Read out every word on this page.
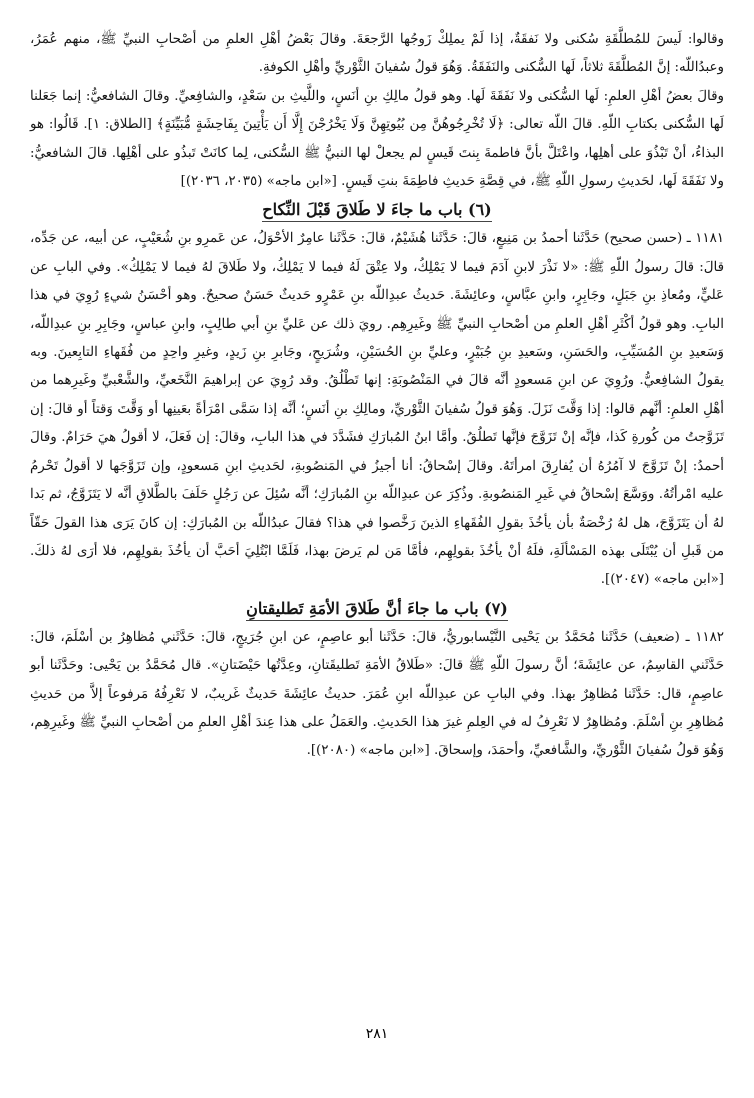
وقالوا: لَيسَ للمُطلَّقَةِ سُكنى ولا نَفقَةٌ، إذا لَمْ يملِكْ زَوجُها الرَّجعَةَ. وقالَ بَعْضُ أهْلِ العلمِ من أصْحابِ النبيِّ ﷺ، منهم عُمَرُ، وعبدُاللّه: إنَّ المُطلَّقَةَ ثلاثاً، لَها السُّكنى والنَفَقَةُ. وَهُوَ قولُ سُفيانَ الثَّوْريِّ وأهْلِ الكوفةِ.

وقالَ بعضُ أهْلِ العلمِ: لَها السُّكنى ولا نَفَقَةَ لَها. وهو قولُ مالِكِ بنِ أنَسٍ، واللَّيثِ بن سَعْدٍ، والشافِعيِّ. وقالَ الشافعيُّ: إنما جَعَلنا لَها السُّكنى بكتابِ اللّهِ. قالَ اللّه تعالى: ﴿لَا تُخْرِجُوهُنَّ مِن بُيُوتِهِنَّ وَلَا يَخْرُجْنَ إِلَّا أَن يَأْتِينَ بِفَاحِشَةٍ مُّبَيِّنَةٍ﴾ [الطلاق: ١]. قَالُوا: هو البذاءُ، أنْ تَبْذُوَ على أهلِها، واعْتَلَّ بأنَّ فاطمةَ بِنتَ قَيسٍ لم يجعلْ لها النبيُّ ﷺ السُّكنى، لِما كانَتْ تَبذُو على أهْلِها. قالَ الشافعيُّ: ولا نَفَقَةَ لَها، لحَديثِ رسولِ اللّهِ ﷺ، في قِصَّةِ حَديثِ فاطِمَةَ بنتِ قَيسٍ. [«ابن ماجه» (٢٠٣٥، ٢٠٣٦)]

(٦) باب ما جاءَ لا طَلاقَ قَبْلَ النِّكاح

١١٨١ ـ (حسن صحيح) حَدَّثَنا أحمدُ بن مَنِيعٍ، قالَ: حَدَّثَنا هُشَيْمٌ، قالَ: حَدَّثَنا عامِرٌ الأحْوَلُ، عن عَمرِو بنِ شُعَيْبٍ، عن أبيه، عن جَدِّه، قالَ: قالَ رسولُ اللّهِ ﷺ: «لا نَذْرَ لابنِ آدَمَ فيما لا يَمْلِكُ، ولا عِتْقَ لَهُ فيما لا يَمْلِكُ، ولا طَلاقَ لهُ فيما لا يَمْلِكُ». وفي البابِ عن عَليٍّ، ومُعاذِ بنِ جَبَلٍ، وجَابِرٍ، وابنِ عبَّاسٍ، وعائِشَةَ. حَديثُ عبدِاللّه بنِ عَمْرٍو حَديثٌ حَسَنٌ صحيحٌ. وهو أحْسَنُ شيءٍ رُوِيَ في هذا البابِ. وهو قولُ أكْثَرِ أهْلِ العلمِ من أصْحابِ النبيِّ ﷺ وغَيرِهِم. رويَ ذلك عن عَليِّ بنِ أبي طالِبٍ، وابنِ عباسٍ، وجَابِرِ بنِ عبدِاللّه، وَسَعيدِ بنِ المُسَيِّبِ، والحَسَنِ، وسَعيدِ بنِ جُبَيْرٍ، وعليِّ بنِ الحُسَيْنِ، وشُرَيحٍ، وجَابرِ بنِ زَيدٍ، وغيرِ واحِدٍ من فُقَهاءِ التابِعينَ. وبه يقولُ الشافِعيُّ. ورُوِيَ عن ابنِ مَسعودٍ أنَّه قالَ في المَنْصُوبَةِ: إنها تَطْلُقُ. وقد رُوِيَ عن إبراهيمَ النَّخَعيِّ، والشَّعْبيِّ وغَيرِهما من أهْلِ العلمِ: أنَّهم قالوا: إذا وَقَّتَ نَزَلَ. وَهُوَ قولُ سُفيانَ الثَّوْريِّ، ومالِكِ بنِ أنَسٍ؛ أنَّه إذا سَمَّى امْرَأةً بعَينِها أو وَقَّتَ وَقتاً أو قالَ: إن تَزَوَّجتُ من كُورةِ كَذا، فإنَّه إنْ تَزَوَّجَ فإنَّها تَطلُقُ. وأمَّا ابنُ المُبارَكِ فشَدَّدَ في هذا البابِ، وقالَ: إن فَعَلَ، لا أقولُ هيَ حَرَامٌ. وقالَ أحمدُ: إنْ تَزَوَّجَ لا آمُرُهُ أن يُفارِقَ امرأتَهُ. وقالَ إسْحاقُ: أنا أجيزُ في المَنصُوبةِ، لحَديثِ ابنِ مَسعودٍ، وإن تَزَوَّجَها لا أقولُ تَحْرمُ عليه امْرأتُهُ. ووَسَّعَ إسْحاقُ في غَيرِ المَنصُوبةِ. وذُكِرَ عن عبدِاللّه بنِ المُبارَكِ؛ أنَّه سُئِلَ عن رَجُلٍ حَلَفَ بالطَّلاقِ أنَّه لا يَتَزَوَّجُ، ثم بَدا لهُ أن يَتَزَوَّجَ، هل لهُ رُخْصَةٌ بأن يأخُذَ بقولِ الفُقَهاءِ الذينَ رَخَّصوا في هذا؟ فقالَ عبدُاللّه بن المُبارَكِ: إن كانَ يَرَى هذا القولَ حَقّاً من قَبلِ أن يُبْتَلَى بهذه المَسْألَةِ، فلَهُ أنْ يأخُذَ بقولِهِم، فأمَّا مَن لم يَرضَ بهذا، فَلَمَّا ابْتُلِيَ أحَبَّ أن يأخُذَ بقولِهِم، فلا أرَى لهُ ذلكَ. [«ابن ماجه» (٢٠٤٧)].

(٧) باب ما جاءَ أنَّ طَلاقَ الأمَةِ تَطليقتانِ

١١٨٢ ـ (ضعيف) حَدَّثَنا مُحَمَّدُ بن يَحْيى النَّيْسابوريُّ، قالَ: حَدَّثَنا أبو عاصِمٍ، عن ابنِ جُرَيجٍ، قالَ: حَدَّثَني مُظاهِرُ بن أسْلَمَ، قالَ: حَدَّثَني القاسِمُ، عن عائِشَةَ؛ أنَّ رسولَ اللّهِ ﷺ قالَ: «طَلاقُ الأمَةِ تَطليقَتانِ، وعِدَّتُها حَيْضَتانِ». قال مُحَمَّدُ بن يَحْيى: وحَدَّثَنا أبو عاصِمٍ، قال: حَدَّثَنا مُظاهِرٌ بهذا. وفي البابِ عن عبدِاللّه ابنِ عُمَرَ. حديثُ عائِشَةَ حَديثٌ غَريبٌ، لا نَعْرِفُهُ مَرفوعاً إلاَّ من حَديثِ مُظاهِرِ بنِ أسْلَمَ. ومُظاهِرٌ لا نَعْرِفُ له في العِلمِ غيرَ هذا الحَديثِ. والعَمَلُ على هذا عِندَ أهْلِ العلمِ من أصْحابِ النبيِّ ﷺ وغَيرِهِم، وَهُوَ قولُ سُفيانَ الثَّوْريِّ، والشَّافعيِّ، وأحمَدَ، وإسحاقَ. [«ابن ماجه» (٢٠٨٠)].

٢٨١
